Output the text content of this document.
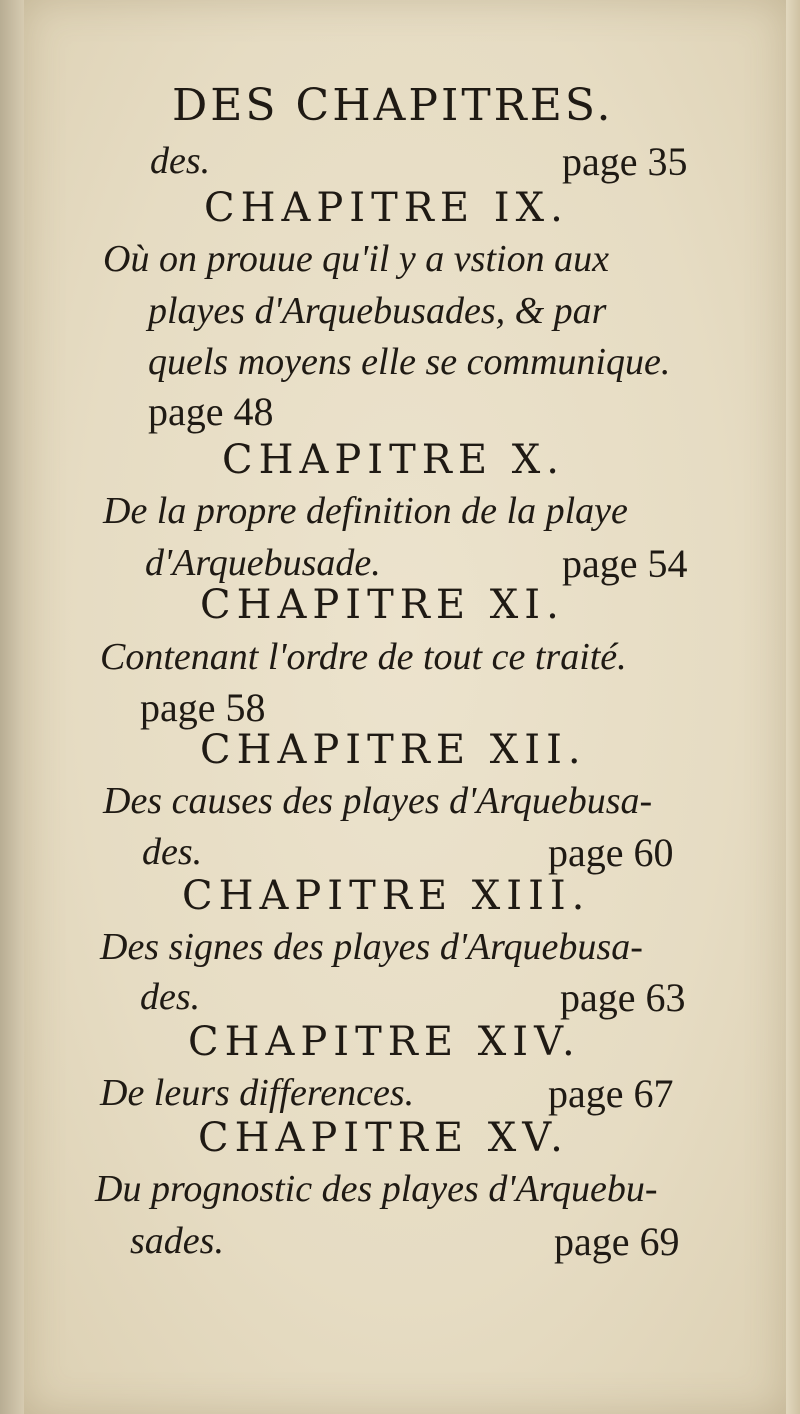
DES CHAPITRES.
des.	page 35
CHAPITRE IX.
Où on prouue qu'il y a vstion aux
playes d'Arquebusades, & par
quels moyens elle se communique.
page 48
CHAPITRE X.
De la propre definition de la playe
d'Arquebusade.	page 54
CHAPITRE XI.
Contenant l'ordre de tout ce traité.
page 58
CHAPITRE XII.
Des causes des playes d'Arquebusa-
des.	page 60
CHAPITRE XIII.
Des signes des playes d'Arquebusa-
des.	page 63
CHAPITRE XIV.
De leurs differences.	page 67
CHAPITRE XV.
Du prognostic des playes d'Arquebu-
sades.	page 69
